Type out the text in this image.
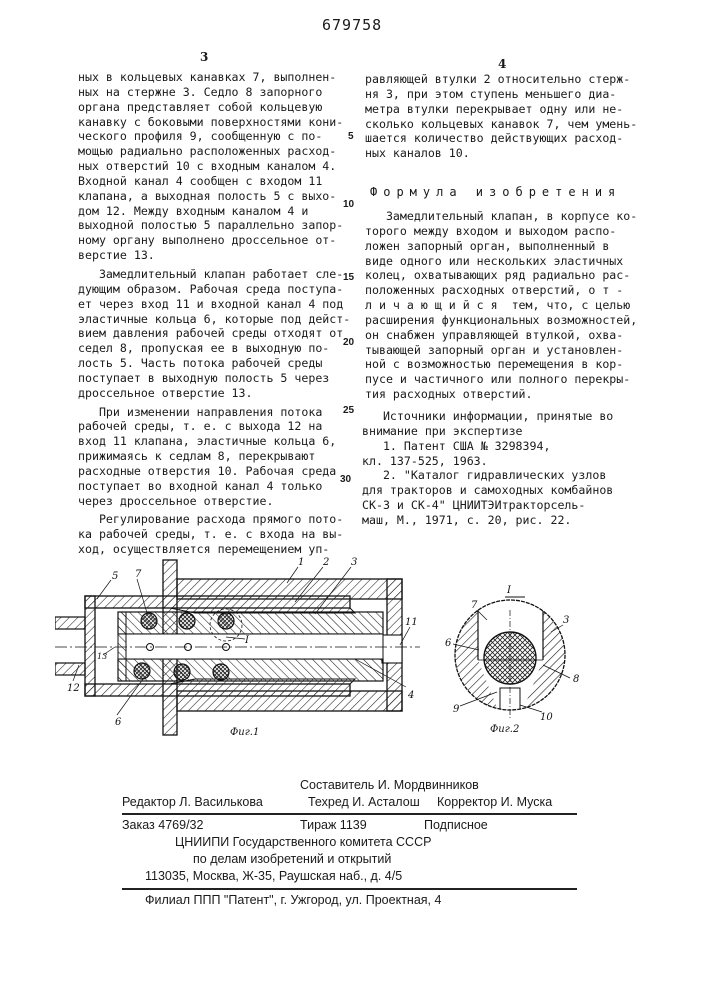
679758
3	4
ных в кольцевых канавках 7, выполнен-
ных на стержне 3. Седло 8 запорного
органа представляет собой кольцевую
канавку с боковыми поверхностями кони-
ческого профиля 9, сообщенную с по-
мощью радиально расположенных расход-
ных отверстий 10 с входным каналом 4.
Входной канал 4 сообщен с входом 11
клапана, а выходная полость 5 с выхо-
дом 12. Между входным каналом 4 и
выходной полостью 5 параллельно запор-
ному органу выполнено дроссельное от-
верстие 13.
Замедлительный клапан работает сле-
дующим образом. Рабочая среда поступа-
ет через вход 11 и входной канал 4 под
эластичные кольца 6, которые под дейст-
вием давления рабочей среды отходят от
седел 8, пропуская ее в выходную по-
лость 5. Часть потока рабочей среды
поступает в выходную полость 5 через
дроссельное отверстие 13.
При изменении направления потока
рабочей среды, т. е. с выхода 12 на
вход 11 клапана, эластичные кольца 6,
прижимаясь к седлам 8, перекрывают
расходные отверстия 10. Рабочая среда
поступает во входной канал 4 только
через дроссельное отверстие.
Регулирование расхода прямого пото-
ка рабочей среды, т. е. с входа на вы-
ход, осуществляется перемещением уп-
равляющей втулки 2 относительно стерж-
ня 3, при этом ступень меньшего диа-
метра втулки перекрывает одну или не-
сколько кольцевых канавок 7, чем умень-
шается количество действующих расход-
ных каналов 10.
Формула изобретения
Замедлительный клапан, в корпусе ко-
торого между входом и выходом распо-
ложен запорный орган, выполненный в
виде одного или нескольких эластичных
колец, охватывающих ряд радиально рас-
положенных расходных отверстий, о т -
л и ч а ю щ и й с я  тем, что, с целью
расширения функциональных возможностей,
он снабжен управляющей втулкой, охва-
тывающей запорный орган и установлен-
ной с возможностью перемещения в кор-
пусе и частичного или полного перекры-
тия расходных отверстий.
Источники информации, принятые во
внимание при экспертизе
1. Патент США № 3298394,
кл. 137-525, 1963.
2. "Каталог гидравлических узлов
для тракторов и самоходных комбайнов
СК-3 и СК-4" ЦНИИТЭИтракторсель-
маш, М., 1971, с. 20, рис. 22.
5
10
15
20
25
30
1 2 3
4
5
6
7
11
12
13
I
Фиг.1
I
3
6
7
8
9
10
Фиг.2
Составитель И. Мордвинников
Редактор Л. Василькова	Техред И. Асталош Корректор И. Муска
Заказ 4769/32	Тираж 1139	Подписное
ЦНИИПИ Государственного комитета СССР
по делам изобретений и открытий
113035, Москва, Ж-35, Раушская наб., д. 4/5
Филиал ППП "Патент", г. Ужгород, ул. Проектная, 4
